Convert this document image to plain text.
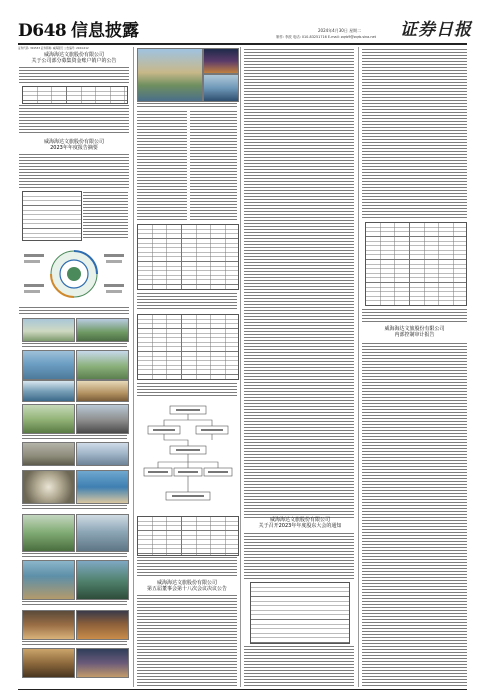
D648 信息披露	2024年4月30日 星期二
制作: 李波 电话: 010-83251716 E-mail: zqrb9@zqrb.sina.net 证券日报
证券代码: 301533 证券简称: 威海银行 公告编号: 2024-012
威海海达文旅股份有限公司
关于公司部分募集资金账户销户的公告
威海海达文旅股份有限公司
2023年年度报告摘要
威海海达文旅股份有限公司
第五届董事会第十八次会议决议公告
威海海达文旅股份有限公司
关于召开2023年年度股东大会的通知
威海海达文旅股份有限公司
内部控制审计报告
